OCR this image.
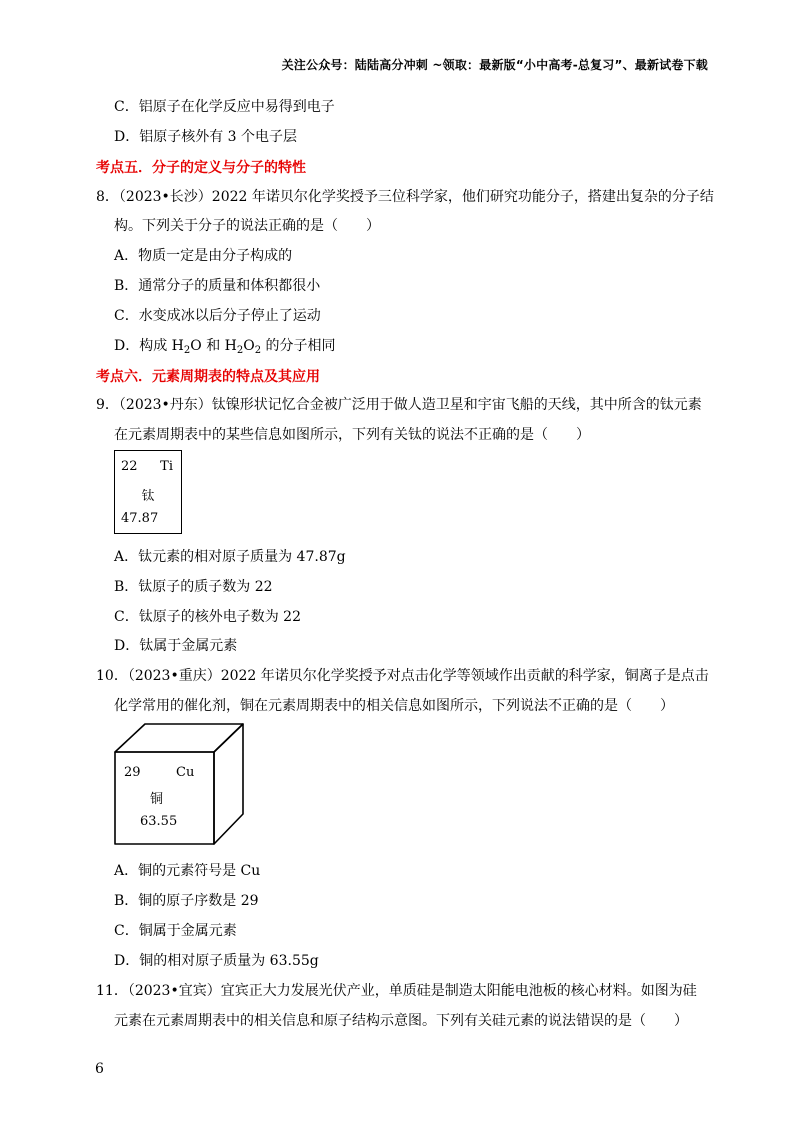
关注公众号：陆陆高分冲刺 ~领取：最新版“小中高考-总复习”、最新试卷下载
C．铝原子在化学反应中易得到电子
D．铝原子核外有 3 个电子层
考点五．分子的定义与分子的特性
8．（2023•长沙）2022 年诺贝尔化学奖授予三位科学家，他们研究功能分子，搭建出复杂的分子结
构。下列关于分子的说法正确的是（　　）
A．物质一定是由分子构成的
B．通常分子的质量和体积都很小
C．水变成冰以后分子停止了运动
D．构成 $H_2O$ 和 $H_2O_2$ 的分子相同
考点六．元素周期表的特点及其应用
9．（2023•丹东）钛镍形状记忆合金被广泛用于做人造卫星和宇宙飞船的天线，其中所含的钛元素
在元素周期表中的某些信息如图所示，下列有关钛的说法不正确的是（　　）
22 Ti
钛
47.87
A．钛元素的相对原子质量为 47.87g
B．钛原子的质子数为 22
C．钛原子的核外电子数为 22
D．钛属于金属元素
10．（2023•重庆）2022 年诺贝尔化学奖授予对点击化学等领域作出贡献的科学家，铜离子是点击
化学常用的催化剂，铜在元素周期表中的相关信息如图所示，下列说法不正确的是（　　）
29	Cu
铜
63.55
A．铜的元素符号是 Cu
B．铜的原子序数是 29
C．铜属于金属元素
D．铜的相对原子质量为 63.55g
11．（2023•宜宾）宜宾正大力发展光伏产业，单质硅是制造太阳能电池板的核心材料。如图为硅
元素在元素周期表中的相关信息和原子结构示意图。下列有关硅元素的说法错误的是（　　）
6
